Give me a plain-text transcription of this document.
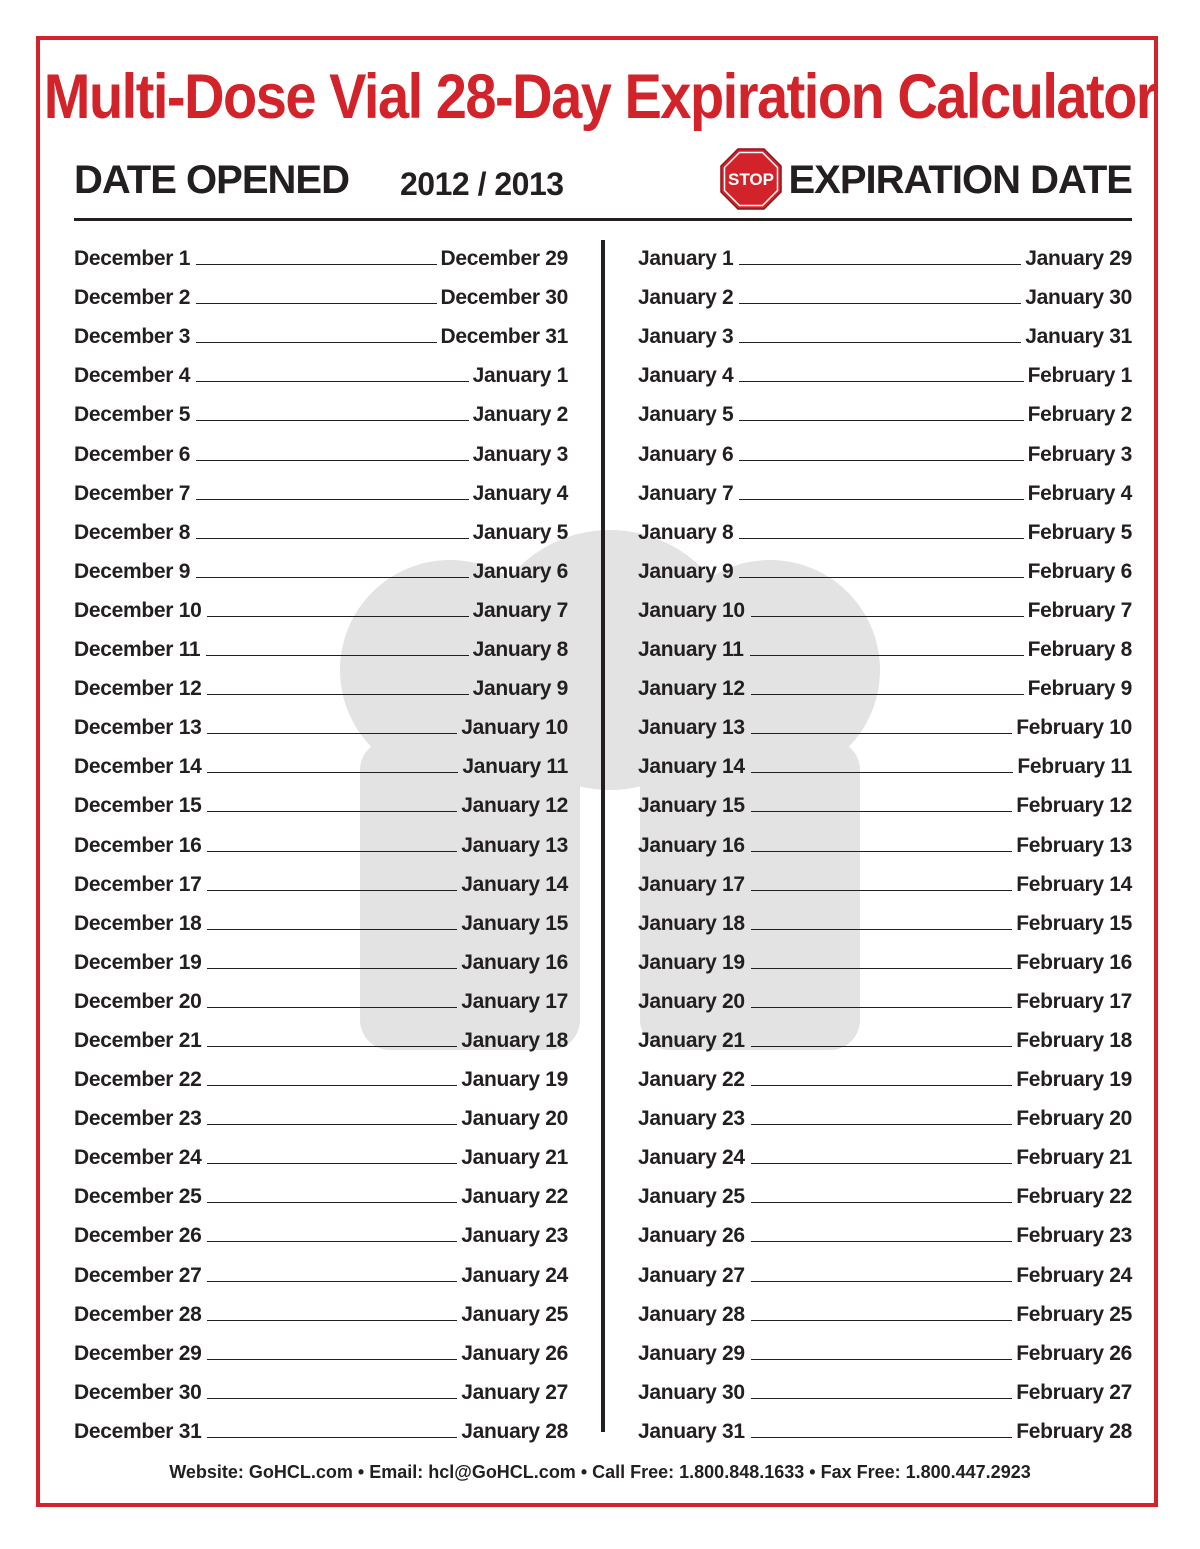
Multi-Dose Vial 28-Day Expiration Calculator
DATE OPENED 2012 / 2013	STOP EXPIRATION DATE
December 1	December 29
December 2	December 30
December 3	December 31
December 4	January 1
December 5	January 2
December 6	January 3
December 7	January 4
December 8	January 5
December 9	January 6
December 10	January 7
December 11	January 8
December 12	January 9
December 13	January 10
December 14	January 11
December 15	January 12
December 16	January 13
December 17	January 14
December 18	January 15
December 19	January 16
December 20	January 17
December 21	January 18
December 22	January 19
December 23	January 20
December 24	January 21
December 25	January 22
December 26	January 23
December 27	January 24
December 28	January 25
December 29	January 26
December 30	January 27
December 31	January 28
January 1	January 29
January 2	January 30
January 3	January 31
January 4	February 1
January 5	February 2
January 6	February 3
January 7	February 4
January 8	February 5
January 9	February 6
January 10	February 7
January 11	February 8
January 12	February 9
January 13	February 10
January 14	February 11
January 15	February 12
January 16	February 13
January 17	February 14
January 18	February 15
January 19	February 16
January 20	February 17
January 21	February 18
January 22	February 19
January 23	February 20
January 24	February 21
January 25	February 22
January 26	February 23
January 27	February 24
January 28	February 25
January 29	February 26
January 30	February 27
January 31	February 28
Website: GoHCL.com • Email: hcl@GoHCL.com • Call Free: 1.800.848.1633 • Fax Free: 1.800.447.2923
